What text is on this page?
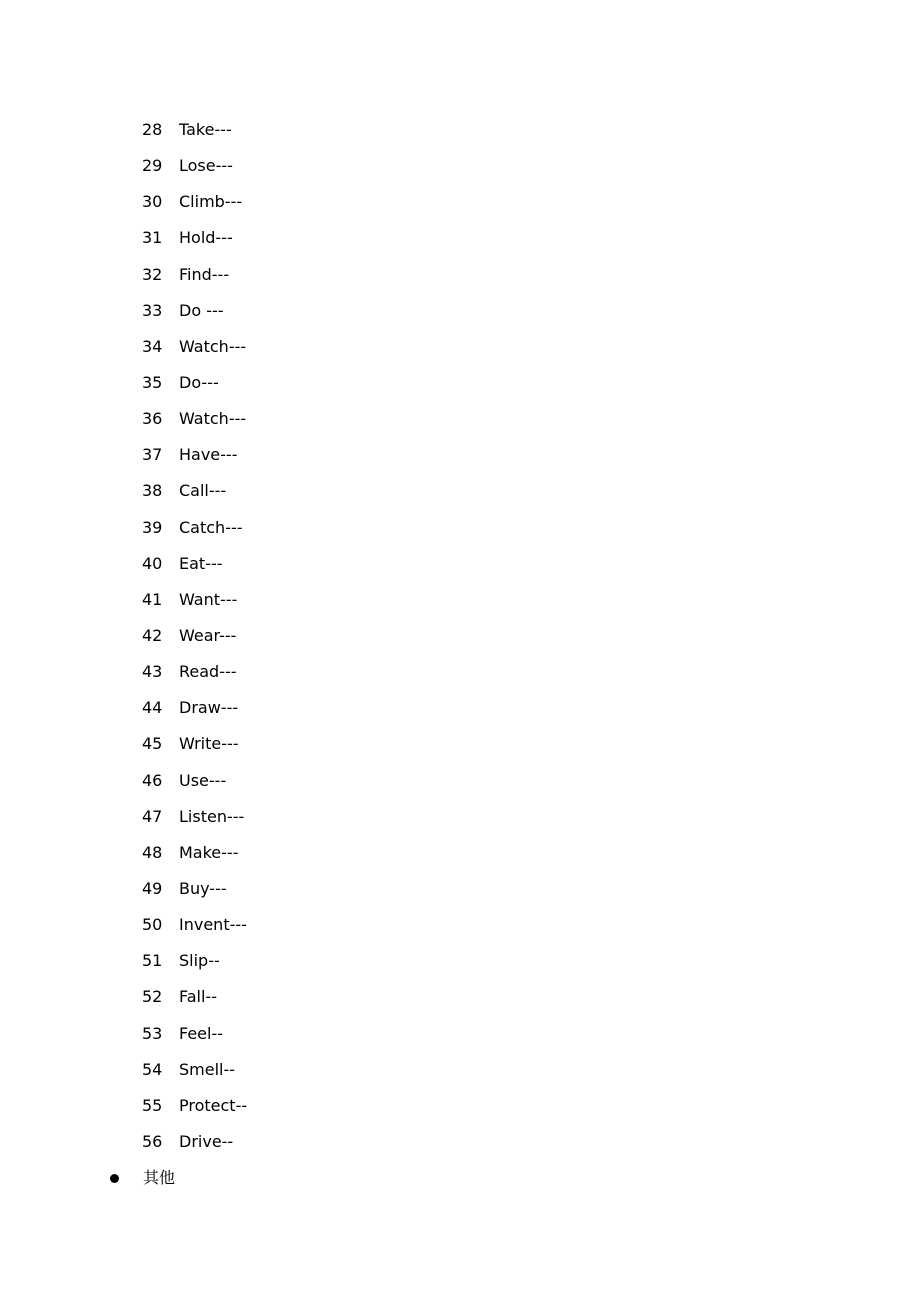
28	Take---
29	Lose---
30	Climb---
31	Hold---
32	Find---
33	Do ---
34	Watch---
35	Do---
36	Watch---
37	Have---
38	Call---
39	Catch---
40	Eat---
41	Want---
42	Wear---
43	Read---
44	Draw---
45	Write---
46	Use---
47	Listen---
48	Make---
49	Buy---
50	Invent---
51	Slip--
52	Fall--
53	Feel--
54	Smell--
55	Protect--
56	Drive--
其他
